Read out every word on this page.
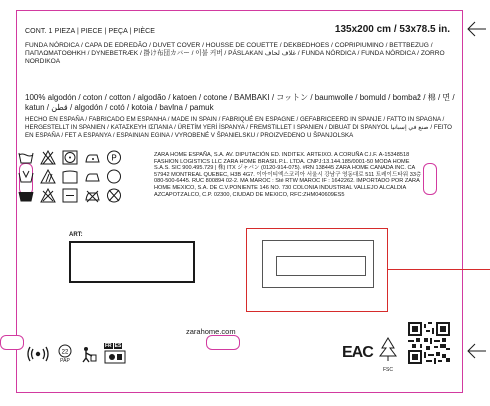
CONT. 1 PIEZA | PIECE | PEÇA | PIÈCE	135x200 cm / 53x78.5 in.
FUNDA NÓRDICA / CAPA DE EDREDÃO / DUVET COVER / HOUSSE DE COUETTE / DEKBEDHOES / COPRIPIUMINO / BETTBEZUG / ΠΑΠΛΩΜΑΤΟΘΗΚΗ / DYNEBETRÆK / 掛け布団カバー / 이불 커버 / PÁSLAKAN غلاف لحاف / FUNDA NÓRDICA / FUNDA NÓRDICA / ZORRO NORDIKOA
100% algodón / coton / cotton / algodão / katoen / cotone / BAMBAKI / コットン / baumwolle / bomuld / bombaž / 棉 / 면 / katun / قطن / algodón / cotó / kotoia / bavlna / pamuk
HECHO EN ESPAÑA / FABRICADO EM ESPANHA / MADE IN SPAIN / FABRIQUÉ EN ESPAGNE / GEFABRICEERD IN SPANJE / FATTO IN SPAGNA / HERGESTELLT IN SPANIEN / ΚΑΤΑΣΚΕΥΗ ΙΣΠΑΝΙΑ / ÜRETİM YERİ İSPANYA / FREMSTILLET I SPANIEN / DIBUAT DI SPANYOL صنع في إسبانيا / FEITO EN ESPAÑA / FET A ESPANYA / ESPAINIAN EGINA / VYROBENÉ V ŠPANIELSKU / PROIZVEDENO U ŠPANJOLSKA
P	ZARA HOME ESPAÑA, S.A. AV. DIPUTACIÓN ED. INDITEX. ARTEIXO. A CORUÑA C.I.F. A-15348518 FASHION LOGISTICS LLC ZARA HOME BRASIL P.L. LTDA. CNPJ:13.144.185/0001-50 MODA HOME S.A.S. SIC 900.495.729 | 株) ITX ジャパン (0120-914-075). #RN 138445 ZARA HOME CANADA INC. CA 57942 MONTREAL QUEBEC, H3B 4G7. 이아이티엑스코리아 서울시 강남구 영동대로 511 트레이드타워 33층 080-500-6445. RUC 800894 02-2. MA MAROC : Sté RTW MAROC IF : 1642262. IMPORTADO POR ZARA HOME MEXICO, S.A. DE C.V.PONIENTE 146 NO. 730 COLONIA INDUSTRIAL VALLEJO ALCALDIA AZCAPOTZALCO, C.P. 02300, CIUDAD DE MEXICO, RFC:ZHM040609ES5
ART:
zarahome.com
22
PAP
FR ES	EAC
FSC
